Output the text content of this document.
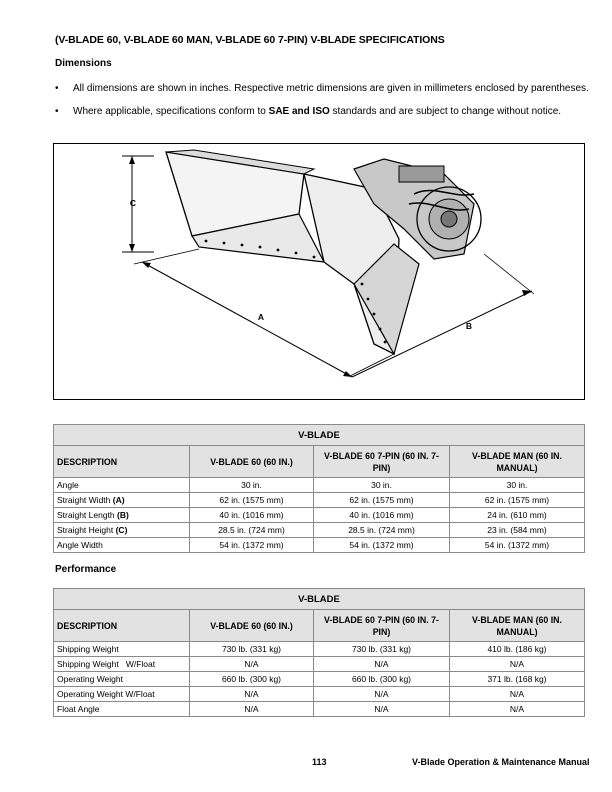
(V-BLADE 60, V-BLADE 60 MAN, V-BLADE 60 7-PIN) V-BLADE SPECIFICATIONS
Dimensions
•	All dimensions are shown in inches. Respective metric dimensions are given in millimeters enclosed by parentheses.
•	Where applicable, specifications conform to SAE and ISO standards and are subject to change without notice.
C
A
B
V-BLADE			
DESCRIPTION	V-BLADE 60 (60 IN.)	V-BLADE 60 7-PIN (60 IN. 7-PIN)	V-BLADE MAN (60 IN. MANUAL)
Angle	30 in.	30 in.	30 in.
Straight Width (A)	62 in. (1575 mm)	62 in. (1575 mm)	62 in. (1575 mm)
Straight Length (B)	40 in. (1016 mm)	40 in. (1016 mm)	24 in. (610 mm)
Straight Height (C)	28.5 in. (724 mm)	28.5 in. (724 mm)	23 in. (584 mm)
Angle Width	54 in. (1372 mm)	54 in. (1372 mm)	54 in. (1372 mm)
Performance
V-BLADE			
DESCRIPTION	V-BLADE 60 (60 IN.)	V-BLADE 60 7-PIN (60 IN. 7-PIN)	V-BLADE MAN (60 IN. MANUAL)
Shipping Weight	730 lb. (331 kg)	730 lb. (331 kg)	410 lb. (186 kg)
Shipping Weight   W/Float	N/A	N/A	N/A
Operating Weight	660 lb. (300 kg)	660 lb. (300 kg)	371 lb. (168 kg)
Operating Weight W/Float	N/A	N/A	N/A
Float Angle	N/A	N/A	N/A
113	V-Blade Operation & Maintenance Manual
